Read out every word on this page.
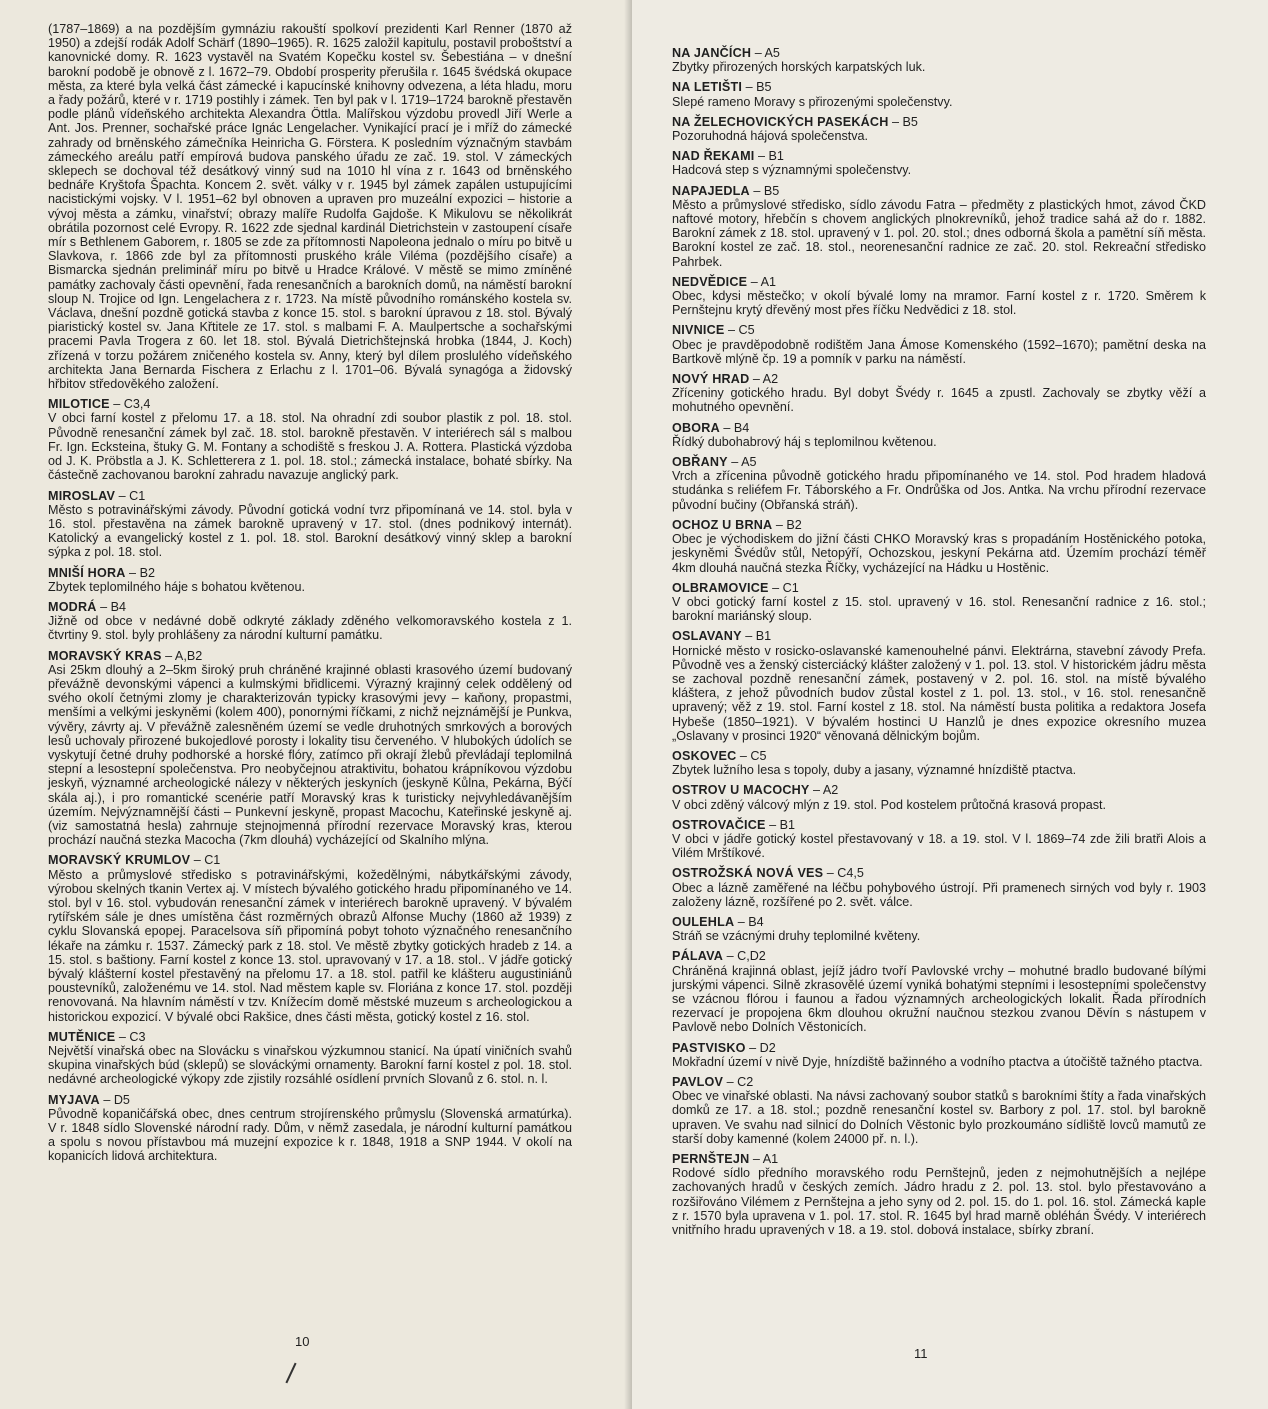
(1787–1869) a na pozdějším gymnáziu rakouští spolkoví prezidenti Karl Renner (1870 až 1950) a zdejší rodák Adolf Schärf (1890–1965). R. 1625 založil kapitulu, postavil proboštství a kanovnické domy. R. 1623 vystavěl na Svatém Kopečku kostel sv. Šebestiána – v dnešní barokní podobě je obnově z l. 1672–79. Období prosperity přerušila r. 1645 švédská okupace města, za které byla velká část zámecké i kapucínské knihovny odvezena, a léta hladu, moru a řady požárů, které v r. 1719 postihly i zámek. Ten byl pak v l. 1719–1724 barokně přestavěn podle plánů vídeňského architekta Alexandra Öttla. Malířskou výzdobu provedl Jiří Werle a Ant. Jos. Prenner, sochařské práce Ignác Lengelacher. Vynikající prací je i mříž do zámecké zahrady od brněnského zámečníka Heinricha G. Förstera. K posledním význačným stavbám zámeckého areálu patří empírová budova panského úřadu ze zač. 19. stol. V zámeckých sklepech se dochoval též desátkový vinný sud na 1010 hl vína z r. 1643 od brněnského bednáře Kryštofa Špachta. Koncem 2. svět. války v r. 1945 byl zámek zapálen ustupujícími nacistickými vojsky. V l. 1951–62 byl obnoven a upraven pro muzeální expozici – historie a vývoj města a zámku, vinařství; obrazy malíře Rudolfa Gajdoše. K Mikulovu se několikrát obrátila pozornost celé Evropy. R. 1622 zde sjednal kardinál Dietrichstein v zastoupení císaře mír s Bethlenem Gaborem, r. 1805 se zde za přítomnosti Napoleona jednalo o míru po bitvě u Slavkova, r. 1866 zde byl za přítomnosti pruského krále Viléma (pozdějšího císaře) a Bismarcka sjednán preliminář míru po bitvě u Hradce Králové. V městě se mimo zmíněné památky zachovaly části opevnění, řada renesančních a barokních domů, na náměstí barokní sloup N. Trojice od Ign. Lengelachera z r. 1723. Na místě původního románského kostela sv. Václava, dnešní pozdně gotická stavba z konce 15. stol. s barokní úpravou z 18. stol. Bývalý piaristický kostel sv. Jana Křtitele ze 17. stol. s malbami F. A. Maulpertsche a sochařskými pracemi Pavla Trogera z 60. let 18. stol. Bývalá Dietrichštejnská hrobka (1844, J. Koch) zřízená v torzu požárem zničeného kostela sv. Anny, který byl dílem proslulého vídeňského architekta Jana Bernarda Fischera z Erlachu z l. 1701–06. Bývalá synagóga a židovský hřbitov středověkého založení.
MILOTICE – C3,4
V obci farní kostel z přelomu 17. a 18. stol. Na ohradní zdi soubor plastik z pol. 18. stol. Původně renesanční zámek byl zač. 18. stol. barokně přestavěn. V interiérech sál s malbou Fr. Ign. Ecksteina, štuky G. M. Fontany a schodiště s freskou J. A. Rottera. Plastická výzdoba od J. K. Pröbstla a J. K. Schletterera z 1. pol. 18. stol.; zámecká instalace, bohaté sbírky. Na částečně zachovanou barokní zahradu navazuje anglický park.
MIROSLAV – C1
Město s potravinářskými závody. Původní gotická vodní tvrz připomínaná ve 14. stol. byla v 16. stol. přestavěna na zámek barokně upravený v 17. stol. (dnes podnikový internát). Katolický a evangelický kostel z 1. pol. 18. stol. Barokní desátkový vinný sklep a barokní sýpka z pol. 18. stol.
MNIŠÍ HORA – B2
Zbytek teplomilného háje s bohatou květenou.
MODRÁ – B4
Jižně od obce v nedávné době odkryté základy zděného velkomoravského kostela z 1. čtvrtiny 9. stol. byly prohlášeny za národní kulturní památku.
MORAVSKÝ KRAS – A,B2
Asi 25km dlouhý a 2–5km široký pruh chráněné krajinné oblasti krasového území budovaný převážně devonskými vápenci a kulmskými břidlicemi. Výrazný krajinný celek oddělený od svého okolí četnými zlomy je charakterizován typicky krasovými jevy – kaňony, propastmi, menšími a velkými jeskyněmi (kolem 400), ponornými říčkami, z nichž nejznámější je Punkva, vývěry, závrty aj. V převážně zalesněném území se vedle druhotných smrkových a borových lesů uchovaly přirozené bukojedlové porosty i lokality tisu červeného. V hlubokých údolích se vyskytují četné druhy podhorské a horské flóry, zatímco při okrají žlebů převládají teplomilná stepní a lesostepní společenstva. Pro neobyčejnou atraktivitu, bohatou krápníkovou výzdobu jeskyň, významné archeologické nálezy v některých jeskyních (jeskyně Kůlna, Pekárna, Býčí skála aj.), i pro romantické scenérie patří Moravský kras k turisticky nejvyhledávanějším územím. Nejvýznamnější části – Punkevní jeskyně, propast Macochu, Kateřinské jeskyně aj. (viz samostatná hesla) zahrnuje stejnojmenná přírodní rezervace Moravský kras, kterou prochází naučná stezka Macocha (7km dlouhá) vycházející od Skalního mlýna.
MORAVSKÝ KRUMLOV – C1
Město a průmyslové středisko s potravinářskými, kožedělnými, nábytkářskými závody, výrobou skelných tkanin Vertex aj. V místech bývalého gotického hradu připomínaného ve 14. stol. byl v 16. stol. vybudován renesanční zámek v interiérech barokně upravený. V bývalém rytířském sále je dnes umístěna část rozměrných obrazů Alfonse Muchy (1860 až 1939) z cyklu Slovanská epopej. Paracelsova síň připomíná pobyt tohoto význačného renesančního lékaře na zámku r. 1537. Zámecký park z 18. stol. Ve městě zbytky gotických hradeb z 14. a 15. stol. s baštiony. Farní kostel z konce 13. stol. upravovaný v 17. a 18. stol.. V jádře gotický bývalý klášterní kostel přestavěný na přelomu 17. a 18. stol. patřil ke klášteru augustiniánů poustevníků, založenému ve 14. stol. Nad městem kaple sv. Floriána z konce 17. stol. později renovovaná. Na hlavním náměstí v tzv. Knížecím domě městské muzeum s archeologickou a historickou expozicí. V bývalé obci Rakšice, dnes části města, gotický kostel z 16. stol.
MUTĚNICE – C3
Největší vinařská obec na Slovácku s vinařskou výzkumnou stanicí. Na úpatí viničních svahů skupina vinařských búd (sklepů) se slováckými ornamenty. Barokní farní kostel z pol. 18. stol. nedávné archeologické výkopy zde zjistily rozsáhlé osídlení prvních Slovanů z 6. stol. n. l.
MYJAVA – D5
Původně kopaničářská obec, dnes centrum strojírenského průmyslu (Slovenská armatúrka). V r. 1848 sídlo Slovenské národní rady. Dům, v němž zasedala, je národní kulturní památkou a spolu s novou přístavbou má muzejní expozice k r. 1848, 1918 a SNP 1944. V okolí na kopanicích lidová architektura.
10
NA JANČÍCH – A5
Zbytky přirozených horských karpatských luk.
NA LETIŠTI – B5
Slepé rameno Moravy s přirozenými společenstvy.
NA ŽELECHOVICKÝCH PASEKÁCH – B5
Pozoruhodná hájová společenstva.
NAD ŘEKAMI – B1
Hadcová step s významnými společenstvy.
NAPAJEDLA – B5
Město a průmyslové středisko, sídlo závodu Fatra – předměty z plastických hmot, závod ČKD naftové motory, hřebčín s chovem anglických plnokrevníků, jehož tradice sahá až do r. 1882. Barokní zámek z 18. stol. upravený v 1. pol. 20. stol.; dnes odborná škola a pamětní síň města. Barokní kostel ze zač. 18. stol., neorenesanční radnice ze zač. 20. stol. Rekreační středisko Pahrbek.
NEDVĚDICE – A1
Obec, kdysi městečko; v okolí bývalé lomy na mramor. Farní kostel z r. 1720. Směrem k Pernštejnu krytý dřevěný most přes říčku Nedvědici z 18. stol.
NIVNICE – C5
Obec je pravděpodobně rodištěm Jana Ámose Komenského (1592–1670); pamětní deska na Bartkově mlýně čp. 19 a pomník v parku na náměstí.
NOVÝ HRAD – A2
Zříceniny gotického hradu. Byl dobyt Švédy r. 1645 a zpustl. Zachovaly se zbytky věží a mohutného opevnění.
OBORA – B4
Řídký dubohabrový háj s teplomilnou květenou.
OBŘANY – A5
Vrch a zřícenina původně gotického hradu připomínaného ve 14. stol. Pod hradem hladová studánka s reliéfem Fr. Táborského a Fr. Ondrůška od Jos. Antka. Na vrchu přírodní rezervace původní bučiny (Obřanská stráň).
OCHOZ U BRNA – B2
Obec je východiskem do jižní části CHKO Moravský kras s propadáním Hostěnického potoka, jeskyněmi Švédův stůl, Netopýří, Ochozskou, jeskyní Pekárna atd. Územím prochází téměř 4km dlouhá naučná stezka Říčky, vycházející na Hádku u Hostěnic.
OLBRAMOVICE – C1
V obci gotický farní kostel z 15. stol. upravený v 16. stol. Renesanční radnice z 16. stol.; barokní mariánský sloup.
OSLAVANY – B1
Hornické město v rosicko-oslavanské kamenouhelné pánvi. Elektrárna, stavební závody Prefa. Původně ves a ženský cisterciácký klášter založený v 1. pol. 13. stol. V historickém jádru města se zachoval pozdně renesanční zámek, postavený v 2. pol. 16. stol. na místě bývalého kláštera, z jehož původních budov zůstal kostel z 1. pol. 13. stol., v 16. stol. renesančně upravený; věž z 19. stol. Farní kostel z 18. stol. Na náměstí busta politika a redaktora Josefa Hybeše (1850–1921). V bývalém hostinci U Hanzlů je dnes expozice okresního muzea „Oslavany v prosinci 1920“ věnovaná dělnickým bojům.
OSKOVEC – C5
Zbytek lužního lesa s topoly, duby a jasany, významné hnízdiště ptactva.
OSTROV U MACOCHY – A2
V obci zděný válcový mlýn z 19. stol. Pod kostelem průtočná krasová propast.
OSTROVAČICE – B1
V obci v jádře gotický kostel přestavovaný v 18. a 19. stol. V l. 1869–74 zde žili bratři Alois a Vilém Mrštíkové.
OSTROŽSKÁ NOVÁ VES – C4,5
Obec a lázně zaměřené na léčbu pohybového ústrojí. Při pramenech sirných vod byly r. 1903 založeny lázně, rozšířené po 2. svět. válce.
OULEHLA – B4
Stráň se vzácnými druhy teplomilné květeny.
PÁLAVA – C,D2
Chráněná krajinná oblast, jejíž jádro tvoří Pavlovské vrchy – mohutné bradlo budované bílými jurskými vápenci. Silně zkrasovělé území vyniká bohatými stepními i lesostepními společenstvy se vzácnou flórou i faunou a řadou významných archeologických lokalit. Řada přírodních rezervací je propojena 6km dlouhou okružní naučnou stezkou zvanou Děvín s nástupem v Pavlově nebo Dolních Věstonicích.
PASTVISKO – D2
Mokřadní území v nivě Dyje, hnízdiště bažinného a vodního ptactva a útočiště tažného ptactva.
PAVLOV – C2
Obec ve vinařské oblasti. Na návsi zachovaný soubor statků s barokními štíty a řada vinařských domků ze 17. a 18. stol.; pozdně renesanční kostel sv. Barbory z pol. 17. stol. byl barokně upraven. Ve svahu nad silnicí do Dolních Věstonic bylo prozkoumáno sídliště lovců mamutů ze starší doby kamenné (kolem 24000 př. n. l.).
PERNŠTEJN – A1
Rodové sídlo předního moravského rodu Pernštejnů, jeden z nejmohutnějších a nejlépe zachovaných hradů v českých zemích. Jádro hradu z 2. pol. 13. stol. bylo přestavováno a rozšiřováno Vilémem z Pernštejna a jeho syny od 2. pol. 15. do 1. pol. 16. stol. Zámecká kaple z r. 1570 byla upravena v 1. pol. 17. stol. R. 1645 byl hrad marně obléhán Švédy. V interiérech vnitřního hradu upravených v 18. a 19. stol. dobová instalace, sbírky zbraní.
11
